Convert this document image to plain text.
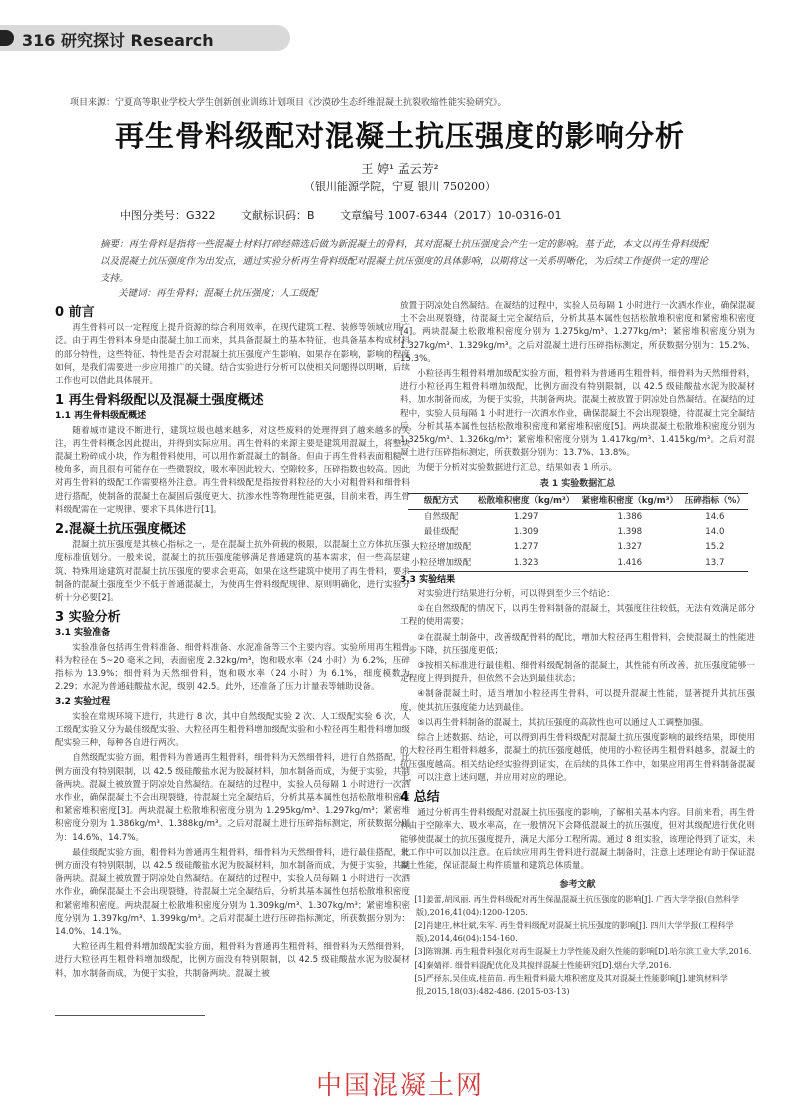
316 研究探讨 Research
项目来源：宁夏高等职业学校大学生创新创业训练计划项目《沙漠砂生态纤维混凝土抗裂收缩性能实验研究》。
再生骨料级配对混凝土抗压强度的影响分析
王 婷¹ 孟云芳²
（银川能源学院，宁夏 银川 750200）
中图分类号：G322 文献标识码：B 文章编号 1007-6344（2017）10-0316-01
摘要：再生骨料是指将一些混凝土材料打碎经筛选后做为新混凝土的骨料，其对混凝土抗压强度会产生一定的影响。基于此，本文以再生骨料级配以及混凝土抗压强度作为出发点，通过实验分析再生骨料级配对混凝土抗压强度的具体影响，以期将这一关系明晰化，为后续工作提供一定的理论支持。
关键词：再生骨料；混凝土抗压强度；人工级配
0 前言

再生骨料可以一定程度上提升资源的综合利用效率，在现代建筑工程、装修等领域应用广泛。由于再生骨料本身是由混凝土加工而来，其具备混凝土的基本特征，也具备基本构成材料的部分特性，这些特征、特性是否会对混凝土抗压强度产生影响、如果存在影响，影响的程度如何，是我们需要进一步应用推广的关键。结合实验进行分析可以使相关问题得以明晰，后续工作也可以借此具体展开。

1 再生骨料级配以及混凝土强度概述
1.1 再生骨料级配概述

随着城市建设不断进行，建筑垃圾也越来越多，对这些废料的处理得到了越来越多的关注，再生骨料概念因此提出，并得到实际应用。再生骨料的来源主要是建筑用混凝土，将整块混凝土粉碎成小块，作为粗骨料使用，可以用作新混凝土的制备。但由于再生骨料表面粗糙、棱角多，而且很有可能存在一些微裂纹，吸水率因此较大、空隙较多，压碎指数也较高。因此对再生骨料的级配工作需要格外注意。再生骨料级配是指按骨料粒径的大小对粗骨料和细骨料进行搭配，使制备的混凝土在凝固后强度更大、抗渗水性等物理性能更强，目前来看，再生骨料级配需在一定规律、要求下具体进行[1]。

2.混凝土抗压强度概述

混凝土抗压强度是其核心指标之一，是在混凝土抗外荷载的极限，以混凝土立方体抗压强度标准值划分。一般来说，混凝土的抗压强度能够满足普通建筑的基本需求，但一些高层建筑、特殊用途建筑对混凝土抗压强度的要求会更高，如果在这些建筑中使用了再生骨料，要求制备的混凝土强度至少不低于普通混凝土，为使再生骨料级配规律、原则明确化，进行实验分析十分必要[2]。

3 实验分析
3.1 实验准备

实验准备包括再生骨料准备、细骨料准备、水泥准备等三个主要内容。实验所用再生粗骨料为粒径在 5~20 毫米之间，表面密度 2.32kg/m³，饱和吸水率（24 小时）为 6.2%，压碎指标为 13.9%；细骨料为天然细骨料，饱和吸水率（24 小时）为 6.1%，细度模数为 2.29；水泥为普通硅酸盐水泥，级别 42.5。此外，还准备了压力计量表等辅助设备。

3.2 实验过程

实验在常规环境下进行，共进行 8 次，其中自然级配实验 2 次、人工级配实验 6 次，人工级配实验又分为最佳级配实验、大粒径再生粗骨料增加级配实验和小粒径再生粗骨料增加级配实验三种，每种各自进行两次。

自然级配实验方面，粗骨料为普通再生粗骨料，细骨料为天然细骨料，进行自然搭配，比例方面没有特别限制，以 42.5 级硅酸盐水泥为胶凝材料，加水制备而成，为便于实验，共制备两块。混凝土被放置于阴凉处自然凝结。在凝结的过程中，实验人员每隔 1 小时进行一次洒水作业，确保混凝土不会出现裂缝，待混凝土完全凝结后，分析其基本属性包括松散堆积密度和紧密堆积密度[3]。两块混凝土松散堆积密度分别为 1.295kg/m³、1.297kg/m³；紧密堆积密度分别为 1.386kg/m³、1.388kg/m³。之后对混凝土进行压碎指标测定，所获数据分别为：14.6%、14.7%。

最佳级配实验方面，粗骨料为普通再生粗骨料，细骨料为天然细骨料，进行最佳搭配，比例方面没有特别限制，以 42.5 级硅酸盐水泥为胶凝材料，加水制备而成，为便于实验，共制备两块。混凝土被放置于阴凉处自然凝结。在凝结的过程中，实验人员每隔 1 小时进行一次洒水作业，确保混凝土不会出现裂缝，待混凝土完全凝结后，分析其基本属性包括松散堆积密度和紧密堆积密度。两块混凝土松散堆积密度分别为 1.309kg/m³、1.307kg/m³；紧密堆积密度分别为 1.397kg/m³、1.399kg/m³。之后对混凝土进行压碎指标测定，所获数据分别为：14.0%、14.1%。

大粒径再生粗骨料增加级配实验方面，粗骨料为普通再生粗骨料，细骨料为天然细骨料，进行大粒径再生粗骨料增加级配，比例方面没有特别限制，以 42.5 级硅酸盐水泥为胶凝材料，加水制备而成，为便于实验，共制备两块。混凝土被

放置于阴凉处自然凝结。在凝结的过程中，实验人员每隔 1 小时进行一次洒水作业，确保混凝土不会出现裂缝，待混凝土完全凝结后，分析其基本属性包括松散堆积密度和紧密堆积密度[4]。两块混凝土松散堆积密度分别为 1.275kg/m³、1.277kg/m³；紧密堆积密度分别为 1.327kg/m³、1.329kg/m³。之后对混凝土进行压碎指标测定，所获数据分别为：15.2%、15.3%。

小粒径再生粗骨料增加级配实验方面，粗骨料为普通再生粗骨料，细骨料为天然细骨料，进行小粒径再生粗骨料增加级配，比例方面没有特别限制，以 42.5 级硅酸盐水泥为胶凝材料，加水制备而成，为便于实验，共制备两块。混凝土被放置于阴凉处自然凝结。在凝结的过程中，实验人员每隔 1 小时进行一次洒水作业，确保混凝土不会出现裂缝，待混凝土完全凝结后，分析其基本属性包括松散堆积密度和紧密堆积密度[5]。两块混凝土松散堆积密度分别为 1.325kg/m³、1.326kg/m³；紧密堆积密度分别为 1.417kg/m³、1.415kg/m³。之后对混凝土进行压碎指标测定，所获数据分别为：13.7%、13.8%。

为便于分析对实验数据进行汇总，结果如表 1 所示。

表 1 实验数据汇总
级配方式	松散堆积密度（kg/m³）	紧密堆积密度（kg/m³）	压碎指标（%）
自然级配	1.297	1.386	14.6
最佳级配	1.309	1.398	14.0
大粒径增加级配	1.277	1.327	15.2
小粒径增加级配	1.323	1.416	13.7
3.3 实验结果

对实验进行结果进行分析，可以得到至少三个结论：

①在自然级配的情况下，以再生骨料制备的混凝土，其强度往往较低，无法有效满足部分工程的使用需要；

②在混凝土制备中，改善级配骨料的配比，增加大粒径再生粗骨料，会使混凝土的性能进一步下降，抗压强度更低；

③按相关标准进行最佳粗、细骨料级配制备的混凝土，其性能有所改善，抗压强度能够一定程度上得到提升，但依然不会达到最佳状态；

④制备混凝土时，适当增加小粒径再生骨料，可以提升混凝土性能，显著提升其抗压强度，使其抗压强度能力达到最佳。

⑤以再生骨料制备的混凝土，其抗压强度的高款性也可以通过人工调整加强。

综合上述数据、结论，可以得到再生骨料级配对混凝土抗压强度影响的最终结果，即使用的大粒径再生粗骨料越多，混凝土的抗压强度越低，使用的小粒径再生粗骨料越多，混凝土的抗压强度越高。相关结论经实验得到证实，在后续的具体工作中，如果应用再生骨料制备混凝土，可以注意上述问题，并应用对应的理论。

4 总结

通过分析再生骨料级配对混凝土抗压强度的影响，了解相关基本内容。目前来看，再生骨料由于空隙率大、吸水率高，在一般情况下会降低混凝土的抗压强度，但对其级配进行优化则能够使混凝土的抗压强度提升，满足大部分工程所需。通过 8 组实验，该理论得到了证实，未来工作中可以加以注意。在后续应用再生骨料进行混凝土制备时，注意上述理论有助于保证混凝土性能，保证混凝土构件质量和建筑总体质量。

参考文献
[1]姜蕾,胡凤丽. 再生骨料级配对再生保温混凝土抗压强度的影响[J]. 广西大学学报(自然科学版),2016,41(04):1200-1205.
[2]肖建庄,林壮斌,朱军. 再生骨料级配对混凝土抗压强度的影响[J]. 四川大学学报(工程科学版),2014,46(04):154-160.
[3]陈锦渊. 再生粗骨料强化对再生混凝土力学性能及耐久性能的影响[D].哈尔滨工业大学,2016.
[4]秦婧祥. 细骨料混配优化及其搅拌混凝土性能研究[D].烟台大学,2016.
[5]严择东,吴佳成,桂苗苗. 再生粗骨料最大堆积密度及其对混凝土性能影响[J].建筑材料学报,2015,18(03):482-486. (2015-03-13)
中国混凝土网
